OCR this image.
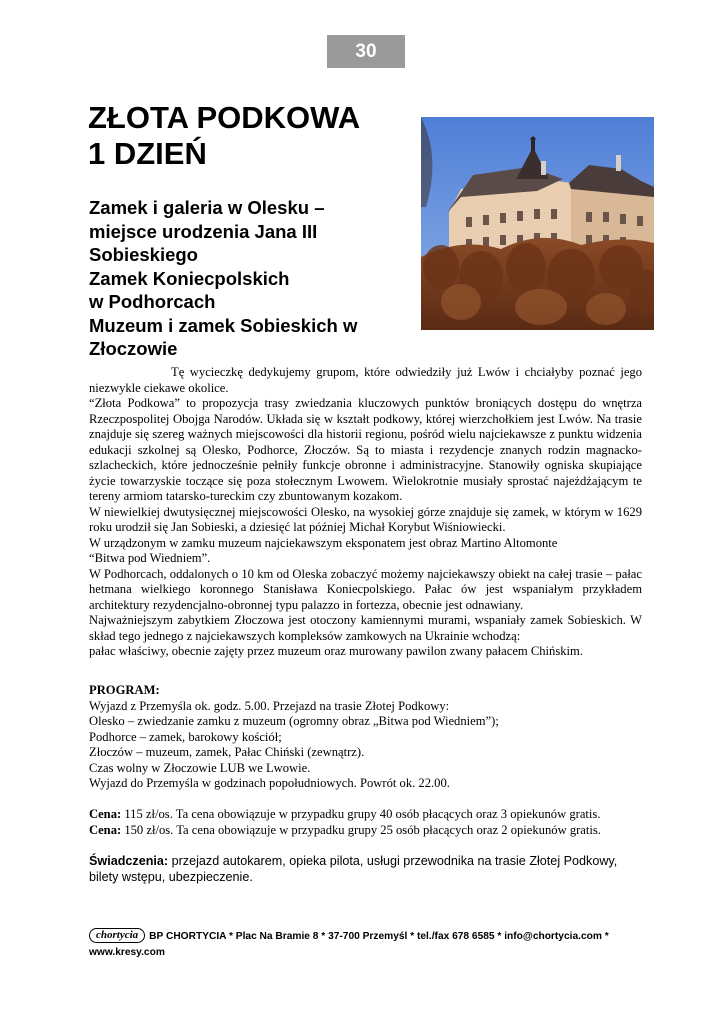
30
ZŁOTA PODKOWA
1 DZIEŃ
Zamek i galeria w Olesku –
miejsce urodzenia Jana III
Sobieskiego
Zamek Koniecpolskich
w Podhorcach
Muzeum i zamek Sobieskich w
Złoczowie

Tę wycieczkę dedykujemy grupom, które odwiedziły już Lwów i chciałyby poznać jego niezwykle ciekawe okolice.

“Złota Podkowa” to propozycja trasy zwiedzania kluczowych punktów broniących dostępu do wnętrza Rzeczpospolitej Obojga Narodów. Układa się w kształt podkowy, której wierzchołkiem jest Lwów. Na trasie znajduje się szereg ważnych miejscowości dla historii regionu, pośród wielu najciekawsze z punktu widzenia edukacji szkolnej są Olesko, Podhorce, Złoczów. Są to miasta i rezydencje znanych rodzin magnacko-szlacheckich, które jednocześnie pełniły funkcje obronne i administracyjne. Stanowiły ogniska skupiające życie towarzyskie toczące się poza stołecznym Lwowem. Wielokrotnie musiały sprostać najeżdżającym te tereny armiom tatarsko-tureckim czy zbuntowanym kozakom.

W niewielkiej dwutysięcznej miejscowości Olesko, na wysokiej górze znajduje się zamek, w którym w 1629 roku urodził się Jan Sobieski, a dziesięć lat później Michał Korybut Wiśniowiecki.

W urządzonym w zamku muzeum najciekawszym eksponatem jest obraz Martino Altomonte

“Bitwa pod Wiedniem”.

W Podhorcach, oddalonych o 10 km od Oleska zobaczyć możemy najciekawszy obiekt na całej trasie – pałac hetmana wielkiego koronnego Stanisława Koniecpolskiego. Pałac ów jest wspaniałym przykładem architektury rezydencjalno-obronnej typu palazzo in fortezza, obecnie jest odnawiany.

Najważniejszym zabytkiem Złoczowa jest otoczony kamiennymi murami, wspaniały zamek Sobieskich. W skład tego jednego z najciekawszych kompleksów zamkowych na Ukrainie wchodzą:

pałac właściwy, obecnie zajęty przez muzeum oraz murowany pawilon zwany pałacem Chińskim.

PROGRAM:

Wyjazd z Przemyśla ok. godz. 5.00. Przejazd na trasie Złotej Podkowy:

Olesko – zwiedzanie zamku z muzeum (ogromny obraz „Bitwa pod Wiedniem”);

Podhorce – zamek, barokowy kościół;

Złoczów – muzeum, zamek, Pałac Chiński (zewnątrz).

Czas wolny w Złoczowie LUB we Lwowie.

Wyjazd do Przemyśla w godzinach popołudniowych. Powrót ok. 22.00.

Cena: 115 zł/os. Ta cena obowiązuje w przypadku grupy 40 osób płacących oraz 3 opiekunów gratis.

Cena: 150 zł/os. Ta cena obowiązuje w przypadku grupy 25 osób płacących oraz 2 opiekunów gratis.

Świadczenia: przejazd autokarem, opieka pilota, usługi przewodnika na trasie Złotej Podkowy, bilety wstępu, ubezpieczenie.

chortycia BP CHORTYCIA * Plac Na Bramie 8 * 37-700 Przemyśl * tel./fax 678 6585 * info@chortycia.com * www.kresy.com
